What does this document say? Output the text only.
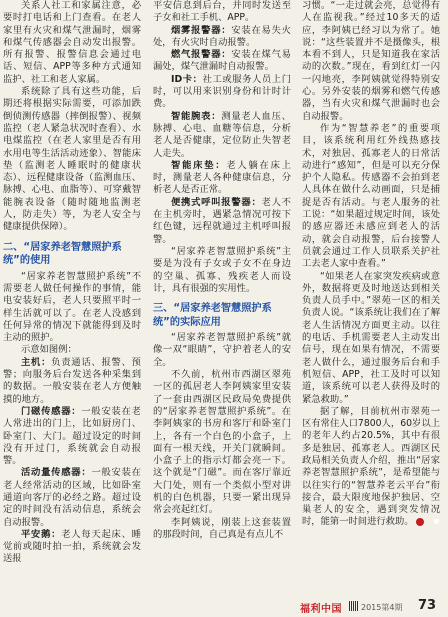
关系人社工和家属注意，必要时打电话和上门查看。在老人家里有火灾和煤气泄漏时，烟雾和煤气传感器会自动发出报警。所有报警、报警信息会通过电话、短信、APP等多种方式通知监护、社工和老人家属。

系统除了具有这些功能，后期还将根据实际需要，可添加跌倒侦测传感器（摔倒报警）、视频监控（老人紧急状况时查看）、水电煤监控（在老人家里是否有用水用电等生活活动迹象）、智能床垫（监测老人睡眠时的健康状态）、远程健康设备（监测血压、脉搏、心电、血脂等）、可穿戴智能腕表设备（随时随地监测老人，防走失）等，为老人安全与健康提供保障）。

二、“居家养老智慧照护系统”的使用

“居家养老智慧照护系统”不需要老人做任何操作的事情，能电安装好后，老人只要照平时一样生活就可以了。在老人没感到任何异常的情况下就能得到及时主动的照护。

示意如图例：

主机：负责通话、报警、预警；向服务后台发送各种采集到的数据。一般安装在老人方便触摸的地方。

门磁传感器：一般安装在老人常进出的门上，比如厨房门、卧室门、大门。超过设定的时间没有开过门，系统就会自动报警。

活动量传感器：一般安装在老人经常活动的区域，比如卧室通道向客厅的必经之路。超过设定的时间没有活动信息，系统会自动报警。

平安鹅：老人每天起床、睡觉前或随时拍一拍，系统就会发送报

平安信息到后台，并同时发送至子女和社工手机、APP。

烟雾报警器：安装在易失火处，有火灾时自动报警。

燃气报警器：安装在煤气易漏处，煤气泄漏时自动报警。

ID卡：社工或服务人员上门时，可以用来识别身份和计时计费。

智能腕表：测量老人血压、脉搏、心电、血糖等信息，分析老人是否健康，定位防止失智老人走失。

智能床垫：老人躺在床上时，测量老人各种健康信息，分析老人是否正常。

便携式呼叫报警器：老人不在主机旁时，遇紧急情况可按下红色键，远程就通过主机呼叫报警。

“居家养老智慧照护系统”主要是为没有子女或子女不在身边的空巢、孤寡、残疾老人而设计，具有很强的实用性。

三、“居家养老智慧照护系统”的实际应用

“居家养老智慧照护系统”就像一双“眼睛”，守护着老人的安全。

不久前，杭州市西湖区翠苑一区的孤居老人李阿姨家里安装了一套由西湖区民政局免费提供的“居家养老智慧照护系统”。在李阿姨家的书房和客厅和卧室门上，各有一个白色的小盒子，上面有一根天线，开关门就瞬间。小盒子上的指示灯都会亮一下。这个就是“门磁”。而在客厅靠近大门处，则有一个类似小型对讲机的白色机器，只要一紧出现异常会亮起红灯。

李阿姨说，刚装上这套装置的那段时间，自己真是有点儿不

习惯。“一走过就会亮，总觉得有人在监视我。”经过10多天的适应，李阿姨已经习以为常了。她说：“这些装置并不是摄像头，根本看不到人，只是知道我在家活动的次数。”现在，看到红灯一闪一闪地亮，李阿姨就觉得特别安心。另外安装的烟雾和燃气传感器，当有火灾和煤气泄漏时也会自动报警。

作为“智慧养老”的重要项目，该系统利用红外线热感技术，对独居、孤寡老人的日常活动进行“感知”，但是可以充分保护个人隐私。传感器不会拍到老人具体在做什么动画面，只是捕捉是否有活动。与老人服务的社工说：“如果超过规定时间，该处的感应器还未感应到老人的活动，就会自动报警，后台接警人员就会通过工作人员联系关护社工去老人家中查看。”

“如果老人在家突发疾病或意外，数据将更及时地送达到相关负责人员手中。”翠苑一区的相关负责人说。“该系统让我们在了解老人生活情况方面更主动。以往的电话、手机需要老人主动发出信号，现在如果有情况，不需要老人做什么，通过服务后台和手机短信、APP，社工及时可以知道，该系统可以老人获得及时的紧急救助。”

据了解，目前杭州市翠苑一区有常住人口7800人，60岁以上的老年人约占20.5%，其中有很多是独居、孤寡老人。西湖区民政局相关负责人介绍，推出“居家养老智慧照护系统”，是希望能与以往实行的“智慧养老云平台”衔接合，最大限度地保护独居、空巢老人的安全，遇到突发情况时，能第一时间进行救助。	■

福利中国 2015第4期 73
